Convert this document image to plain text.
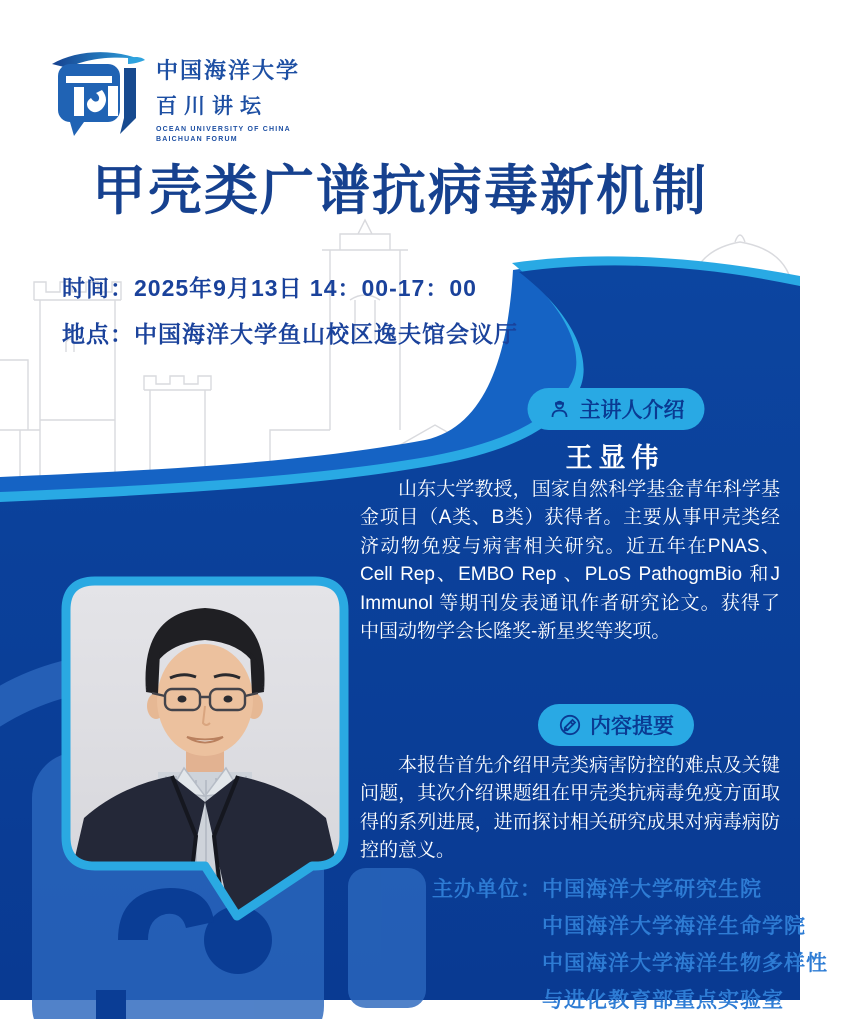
中国海洋大学
百川讲坛
OCEAN UNIVERSITY OF CHINA
BAICHUAN FORUM
甲壳类广谱抗病毒新机制
时间：2025年9月13日 14：00-17：00
地点：中国海洋大学鱼山校区逸夫馆会议厅
主讲人介绍
王显伟
山东大学教授，国家自然科学基金青年科学基金项目（A类、B类）获得者。主要从事甲壳类经济动物免疫与病害相关研究。近五年在PNAS、Cell Rep、EMBO Rep 、PLoS PathogmBio 和J Immunol 等期刊发表通讯作者研究论文。获得了中国动物学会长隆奖-新星奖等奖项。
内容提要
本报告首先介绍甲壳类病害防控的难点及关键问题，其次介绍课题组在甲壳类抗病毒免疫方面取得的系列进展，进而探讨相关研究成果对病毒病防控的意义。
主办单位： 中国海洋大学研究生院
中国海洋大学海洋生命学院
中国海洋大学海洋生物多样性
与进化教育部重点实验室
